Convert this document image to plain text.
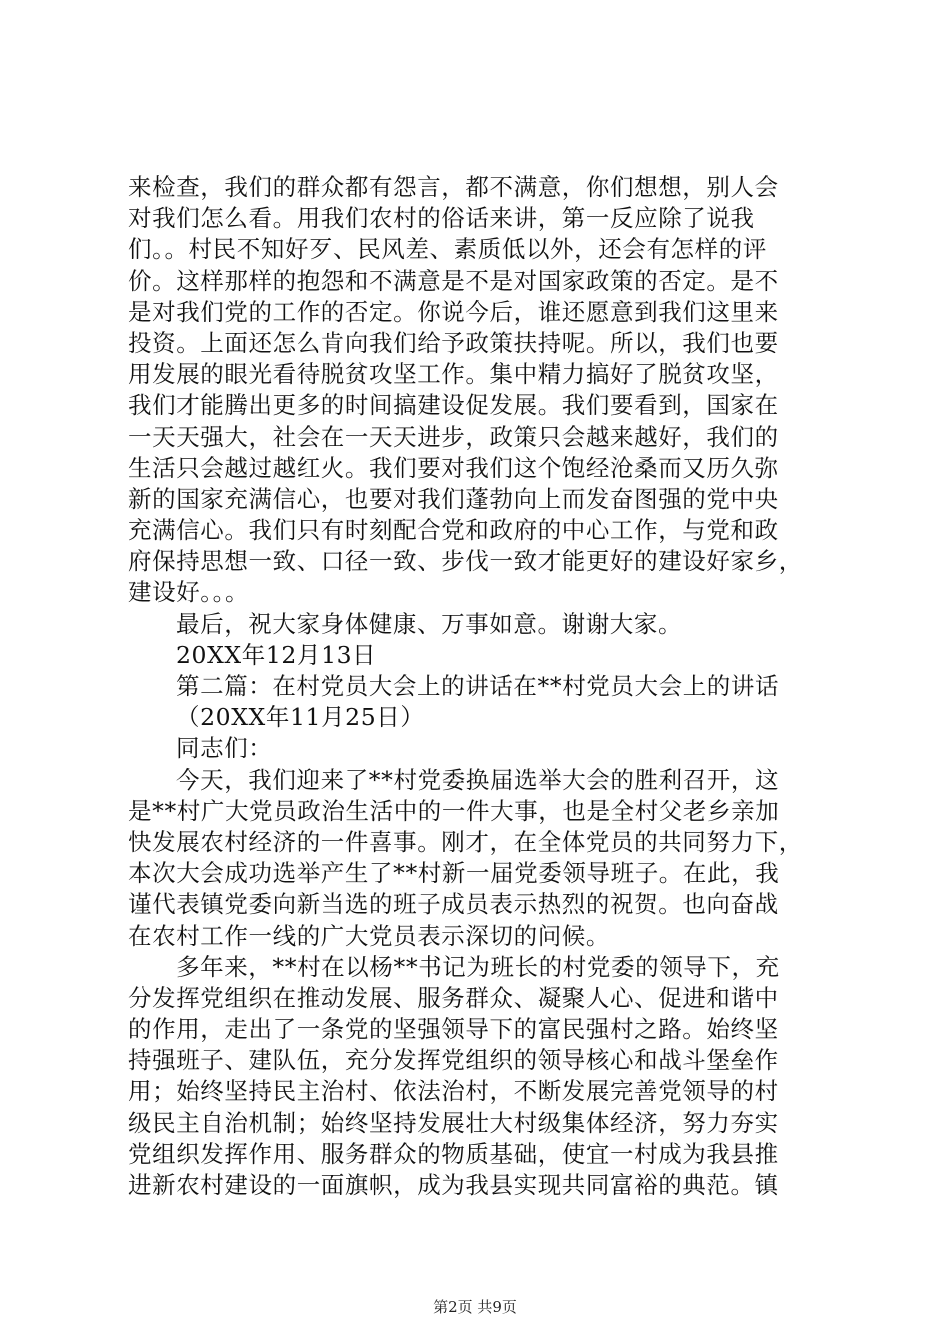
来检查，我们的群众都有怨言，都不满意，你们想想，别人会
对我们怎么看。用我们农村的俗话来讲，第一反应除了说我
们。。村民不知好歹、民风差、素质低以外，还会有怎样的评
价。这样那样的抱怨和不满意是不是对国家政策的否定。是不
是对我们党的工作的否定。你说今后，谁还愿意到我们这里来
投资。上面还怎么肯向我们给予政策扶持呢。所以，我们也要
用发展的眼光看待脱贫攻坚工作。集中精力搞好了脱贫攻坚，
我们才能腾出更多的时间搞建设促发展。我们要看到，国家在
一天天强大，社会在一天天进步，政策只会越来越好，我们的
生活只会越过越红火。我们要对我们这个饱经沧桑而又历久弥
新的国家充满信心，也要对我们蓬勃向上而发奋图强的党中央
充满信心。我们只有时刻配合党和政府的中心工作，与党和政
府保持思想一致、口径一致、步伐一致才能更好的建设好家乡，
建设好。。。
最后，祝大家身体健康、万事如意。谢谢大家。
20XX年12月13日
第二篇：在村党员大会上的讲话在**村党员大会上的讲话
（20XX年11月25日）
同志们：
今天，我们迎来了**村党委换届选举大会的胜利召开，这
是**村广大党员政治生活中的一件大事，也是全村父老乡亲加
快发展农村经济的一件喜事。刚才，在全体党员的共同努力下，
本次大会成功选举产生了**村新一届党委领导班子。在此，我
谨代表镇党委向新当选的班子成员表示热烈的祝贺。也向奋战
在农村工作一线的广大党员表示深切的问候。
多年来，**村在以杨**书记为班长的村党委的领导下，充
分发挥党组织在推动发展、服务群众、凝聚人心、促进和谐中
的作用，走出了一条党的坚强领导下的富民强村之路。始终坚
持强班子、建队伍，充分发挥党组织的领导核心和战斗堡垒作
用；始终坚持民主治村、依法治村，不断发展完善党领导的村
级民主自治机制；始终坚持发展壮大村级集体经济，努力夯实
党组织发挥作用、服务群众的物质基础，使宜一村成为我县推
进新农村建设的一面旗帜，成为我县实现共同富裕的典范。镇
第2页 共9页
